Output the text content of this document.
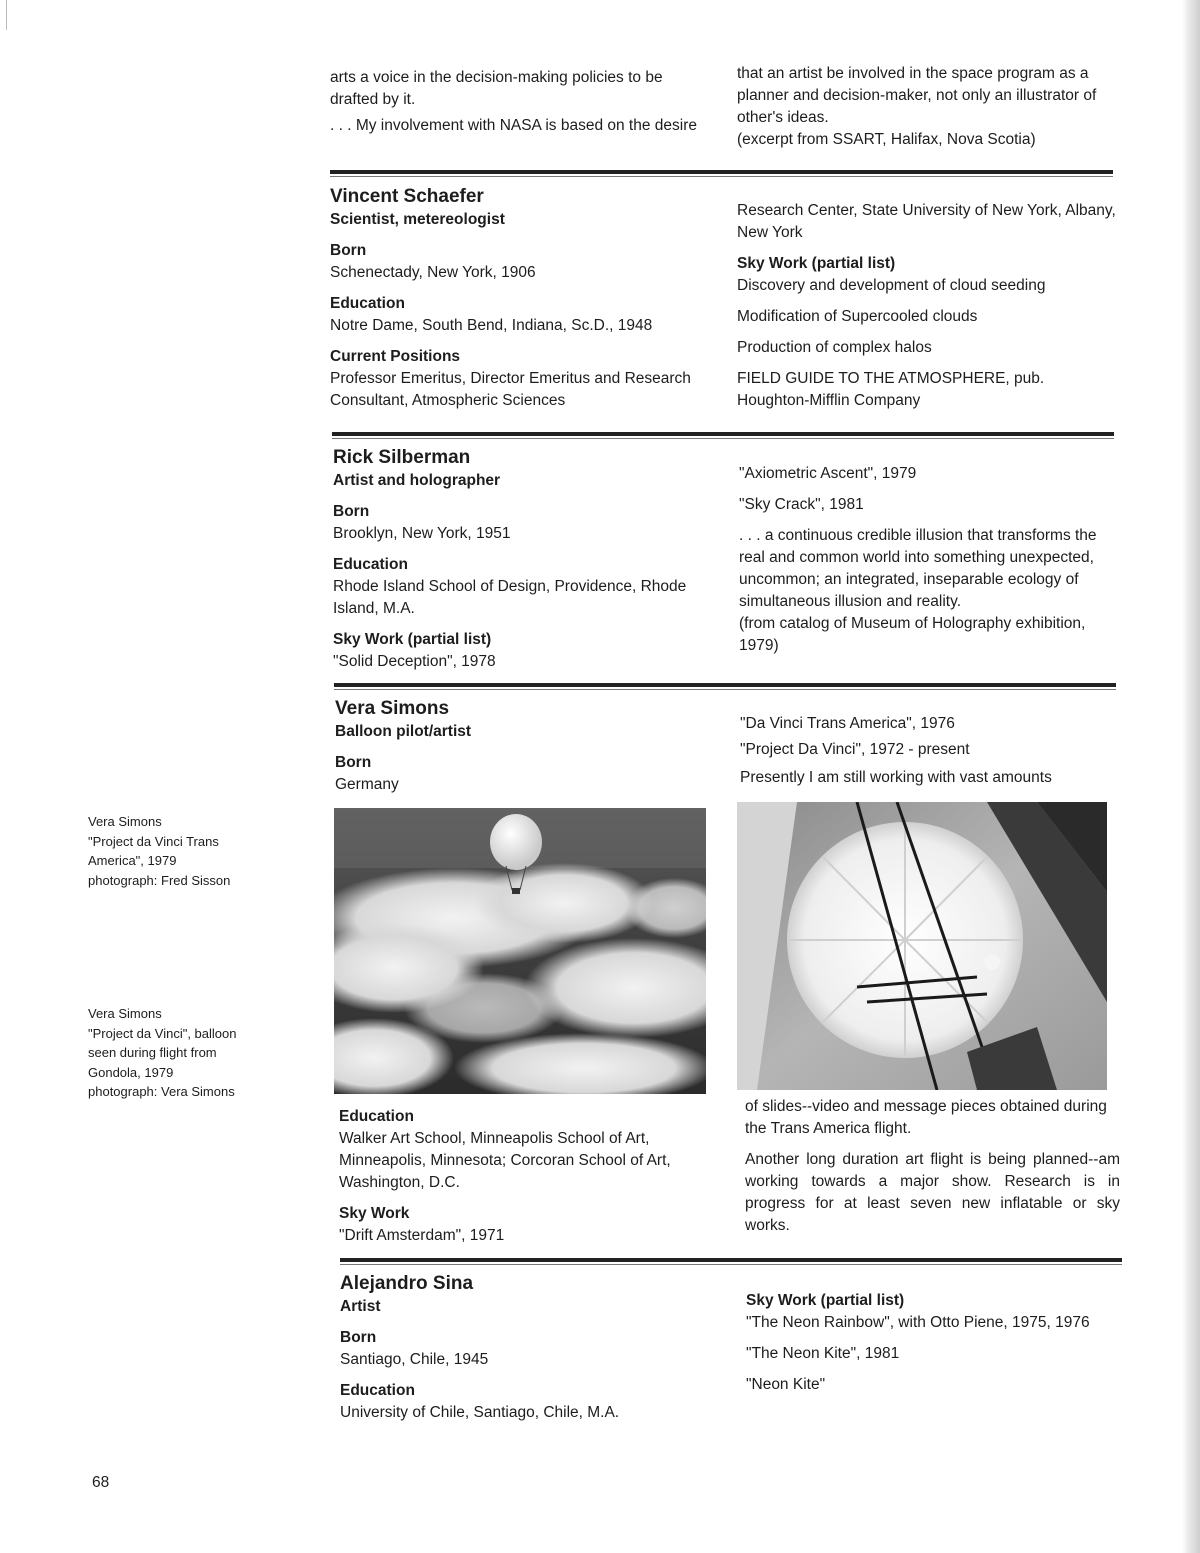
arts a voice in the decision-making policies to be drafted by it.

. . . My involvement with NASA is based on the desire

that an artist be involved in the space program as a planner and decision-maker, not only an illustrator of other's ideas.

(excerpt from SSART, Halifax, Nova Scotia)

Vincent Schaefer

Scientist, metereologist

Born

Schenectady, New York, 1906

Education

Notre Dame, South Bend, Indiana, Sc.D., 1948

Current Positions

Professor Emeritus, Director Emeritus and Research Consultant, Atmospheric Sciences

Research Center, State University of New York, Albany, New York

Sky Work (partial list)

Discovery and development of cloud seeding

Modification of Supercooled clouds

Production of complex halos

FIELD GUIDE TO THE ATMOSPHERE, pub. Houghton-Mifflin Company

Rick Silberman

Artist and holographer

Born

Brooklyn, New York, 1951

Education

Rhode Island School of Design, Providence, Rhode Island, M.A.

Sky Work (partial list)

"Solid Deception", 1978

"Axiometric Ascent", 1979

"Sky Crack", 1981

. . . a continuous credible illusion that transforms the real and common world into something unexpected, uncommon; an integrated, inseparable ecology of simultaneous illusion and reality.

(from catalog of Museum of Holography exhibition, 1979)

Vera Simons

Balloon pilot/artist

Born

Germany

"Da Vinci Trans America", 1976

"Project Da Vinci", 1972 - present

Presently I am still working with vast amounts

Vera Simons

"Project da Vinci Trans America", 1979

photograph: Fred Sisson

Vera Simons

"Project da Vinci", balloon seen during flight from Gondola, 1979

photograph: Vera Simons

Education

Walker Art School, Minneapolis School of Art, Minneapolis, Minnesota; Corcoran School of Art, Washington, D.C.

Sky Work

"Drift Amsterdam", 1971

of slides--video and message pieces obtained during the Trans America flight.

Another long duration art flight is being planned--am working towards a major show. Research is in progress for at least seven new inflatable or sky works.

Alejandro Sina

Artist

Born

Santiago, Chile, 1945

Education

University of Chile, Santiago, Chile, M.A.

Sky Work (partial list)

"The Neon Rainbow", with Otto Piene, 1975, 1976

"The Neon Kite", 1981

"Neon Kite"

68
